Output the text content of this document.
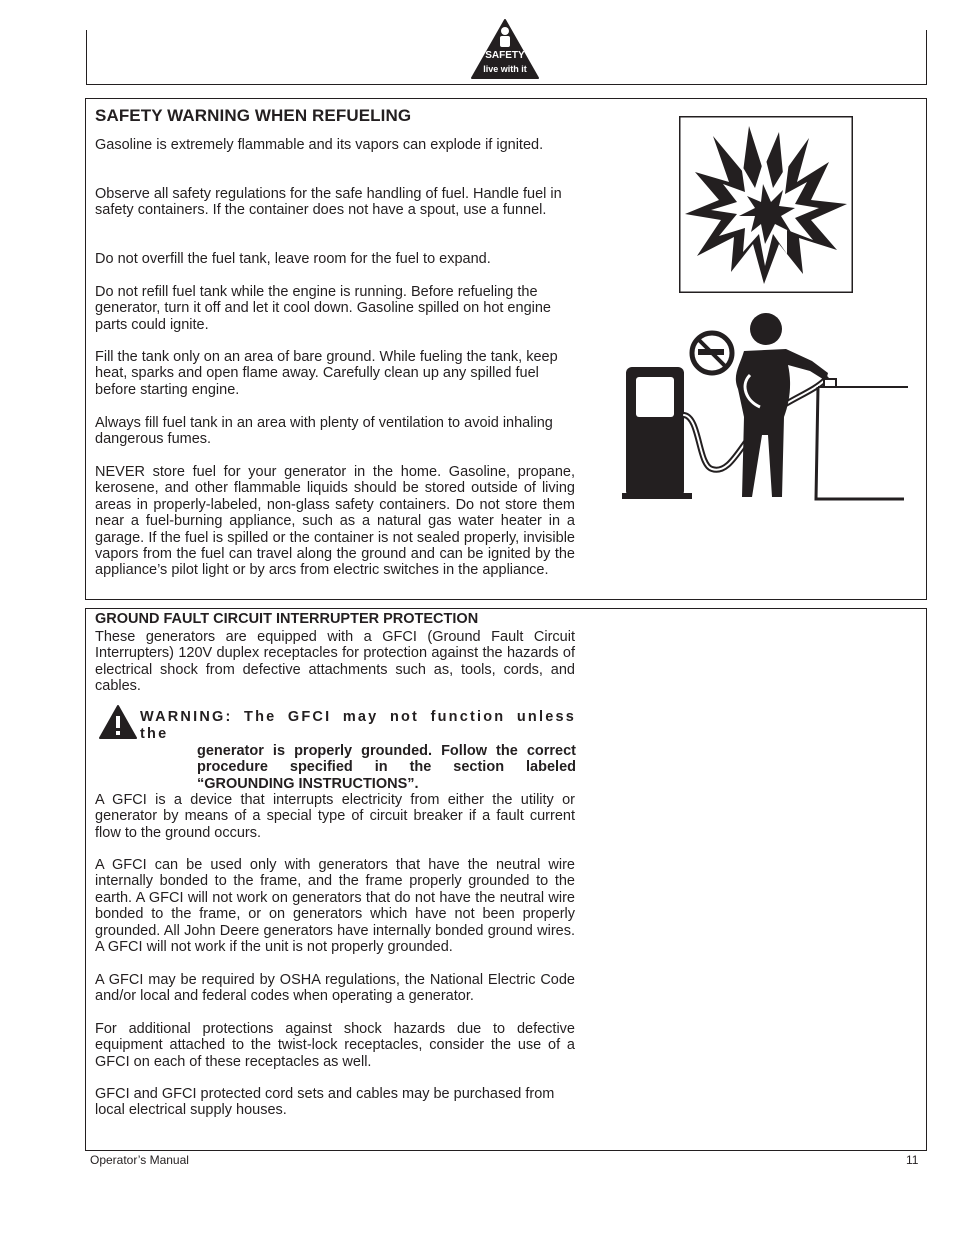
SAFETY
live with it
SAFETY WARNING WHEN REFUELING
Gasoline is extremely flammable and its vapors can explode if ignited.
Observe all safety regulations for the safe handling of fuel. Handle fuel in safety containers. If the container does not have a spout, use a funnel.
Do not overfill the fuel tank, leave room for the fuel to expand.
Do not refill fuel tank while the engine is running. Before refueling the generator, turn it off and let it cool down. Gasoline spilled on hot engine parts could ignite.
Fill the tank only on an area of bare ground. While fueling the tank, keep heat, sparks and open flame away. Carefully clean up any spilled fuel before starting engine.
Always fill fuel tank in an area with plenty of ventilation to avoid inhaling dangerous fumes.
NEVER store fuel for your generator in the home. Gasoline, propane, kerosene, and other flammable liquids should be stored outside of living areas in properly-labeled, non-glass safety containers. Do not store them near a fuel-burning appliance, such as a natural gas water heater in a garage. If the fuel is spilled or the container is not sealed properly, invisible vapors from the fuel can travel along the ground and can be ignited by the appliance’s pilot light or by arcs from electric switches in the appliance.
GROUND FAULT CIRCUIT INTERRUPTER PROTECTION
These generators are equipped with a GFCI (Ground Fault Circuit Interrupters) 120V duplex receptacles for protection against the hazards of electrical shock from defective attachments such as, tools, cords, and cables.
WARNING: The GFCI may not function unless the
generator is properly grounded. Follow the correct procedure specified in the section labeled “GROUNDING INSTRUCTIONS”.
A GFCI is a device that interrupts electricity from either the utility or generator by means of a special type of circuit breaker if a fault current flow to the ground occurs.
A GFCI can be used only with generators that have the neutral wire internally bonded to the frame, and the frame properly grounded to the earth. A GFCI will not work on generators that do not have the neutral wire bonded to the frame, or on generators which have not been properly grounded. All John Deere generators have internally bonded ground wires. A GFCI will not work if the unit is not properly grounded.
A GFCI may be required by OSHA regulations, the National Electric Code and/or local and federal codes when operating a generator.
For additional protections against shock hazards due to defective equipment attached to the twist-lock receptacles, consider the use of a GFCI on each of these receptacles as well.
GFCI and GFCI protected cord sets and cables may be purchased from local electrical supply houses.
Operator’s Manual	11
